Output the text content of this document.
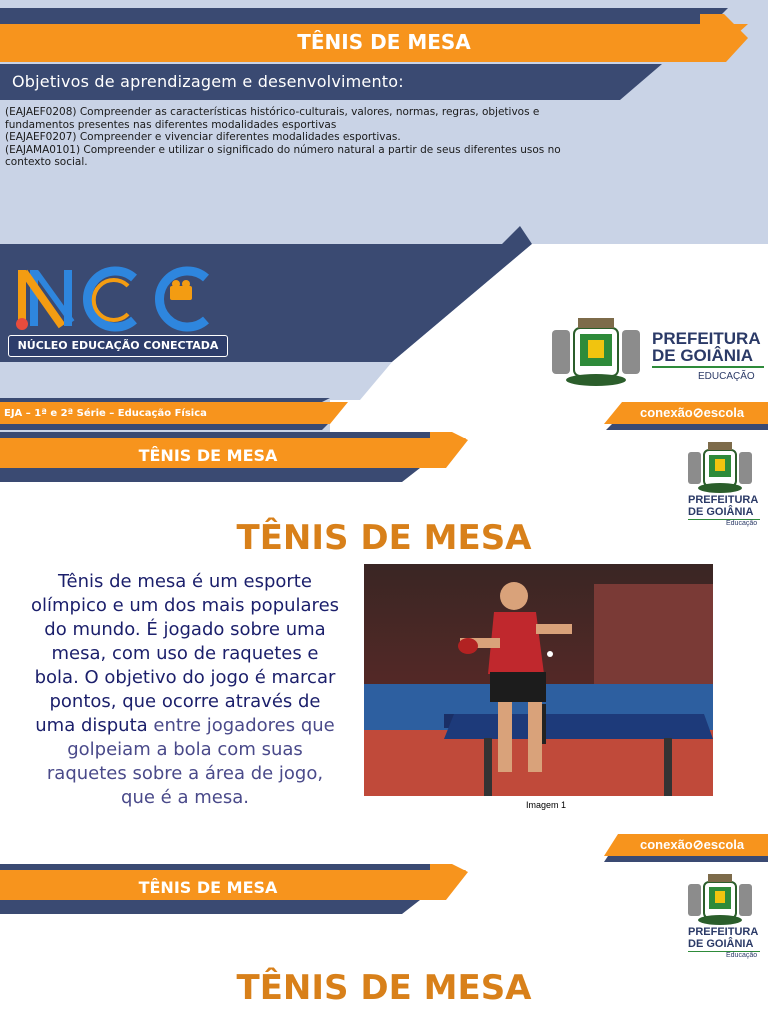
TÊNIS DE MESA
Objetivos de aprendizagem e desenvolvimento:
(EAJAEF0208) Compreender as características histórico-culturais, valores, normas, regras, objetivos e fundamentos presentes nas diferentes modalidades esportivas
(EAJAEF0207) Compreender e vivenciar diferentes modalidades esportivas.
(EAJAMA0101) Compreender e utilizar o significado do número natural a partir de seus diferentes usos no contexto social.
NÚCLEO EDUCAÇÃO CONECTADA	PREFEITURA
DE GOIÂNIA
EDUCAÇÃO
EJA – 1ª e 2ª Série – Educação Física	conexão⊘escola
TÊNIS DE MESA
PREFEITURA
DE GOIÂNIA
Educação
TÊNIS DE MESA
Imagem 1
Tênis de mesa é um esporte olímpico e um dos mais populares do mundo. É jogado sobre uma mesa, com uso de raquetes e bola. O objetivo do jogo é marcar pontos, que ocorre através de uma disputa entre jogadores que golpeiam a bola com suas raquetes sobre a área de jogo, que é a mesa.
conexão⊘escola
TÊNIS DE MESA
PREFEITURA
DE GOIÂNIA
Educação
TÊNIS DE MESA
